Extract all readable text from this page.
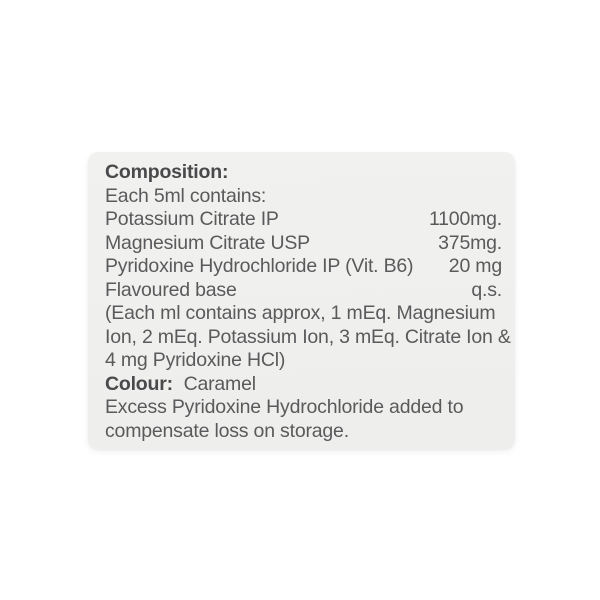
Composition:
Each 5ml contains:
Potassium Citrate IP	1100mg.
Magnesium Citrate USP	375mg.
Pyridoxine Hydrochloride IP (Vit. B6) 20 mg
Flavoured base	q.s.
(Each ml contains approx, 1 mEq. Magnesium
Ion, 2 mEq. Potassium Ion, 3 mEq. Citrate Ion &
4 mg Pyridoxine HCl)
Colour: Caramel
Excess Pyridoxine Hydrochloride added to
compensate loss on storage.
